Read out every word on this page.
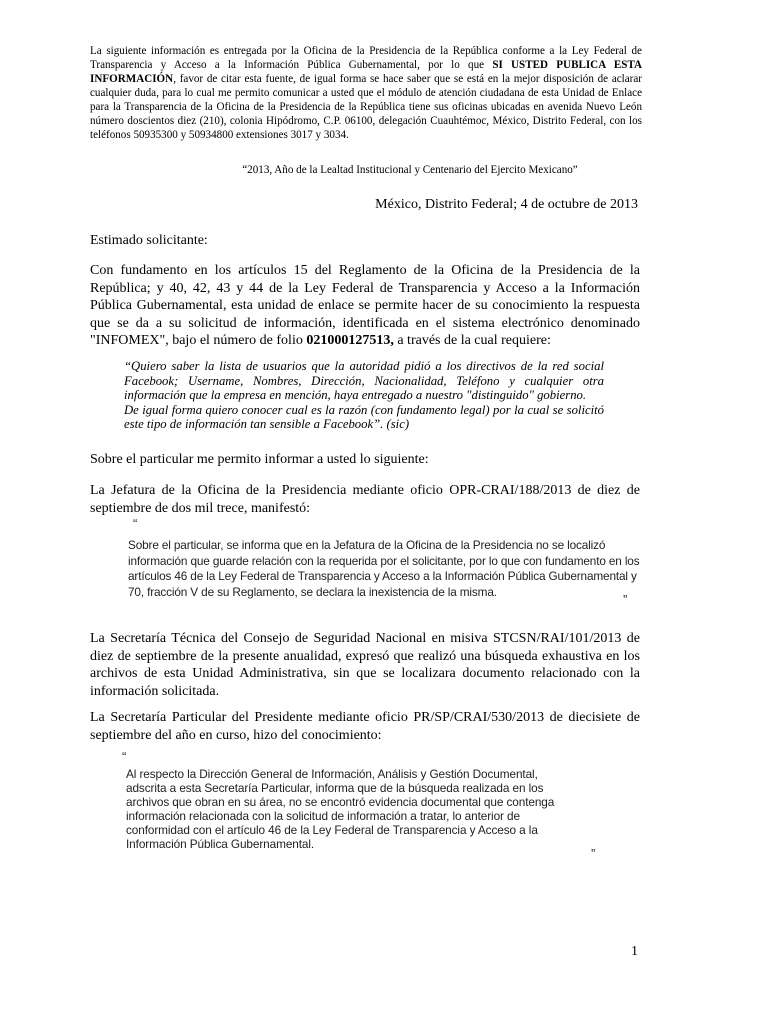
La siguiente información es entregada por la Oficina de la Presidencia de la República conforme a la Ley Federal de Transparencia y Acceso a la Información Pública Gubernamental, por lo que SI USTED PUBLICA ESTA INFORMACIÓN, favor de citar esta fuente, de igual forma se hace saber que se está en la mejor disposición de aclarar cualquier duda, para lo cual me permito comunicar a usted que el módulo de atención ciudadana de esta Unidad de Enlace para la Transparencia de la Oficina de la Presidencia de la República tiene sus oficinas ubicadas en avenida Nuevo León número doscientos diez (210), colonia Hipódromo, C.P. 06100, delegación Cuauhtémoc, México, Distrito Federal, con los teléfonos 50935300 y 50934800 extensiones 3017 y 3034.
“2013, Año de la Lealtad Institucional y Centenario del Ejercito Mexicano”
México, Distrito Federal; 4 de octubre de 2013
Estimado solicitante:
Con fundamento en los artículos 15 del Reglamento de la Oficina de la Presidencia de la República; y 40, 42, 43 y 44 de la Ley Federal de Transparencia y Acceso a la Información Pública Gubernamental, esta unidad de enlace se permite hacer de su conocimiento la respuesta que se da a su solicitud de información, identificada en el sistema electrónico denominado "INFOMEX", bajo el número de folio 021000127513, a través de la cual requiere:
“Quiero saber la lista de usuarios que la autoridad pidió a los directivos de la red social Facebook; Username, Nombres, Dirección, Nacionalidad, Teléfono y cualquier otra información que la empresa en mención, haya entregado a nuestro "distinguido" gobierno.
De igual forma quiero conocer cual es la razón (con fundamento legal) por la cual se solicitó este tipo de información tan sensible a Facebook”. (sic)
Sobre el particular me permito informar a usted lo siguiente:
La Jefatura de la Oficina de la Presidencia mediante oficio OPR-CRAI/188/2013 de diez de septiembre de dos mil trece, manifestó:
“
Sobre el particular, se informa que en la Jefatura de la Oficina de la Presidencia no se localizó
información que guarde relación con la requerida por el solicitante, por lo que con fundamento en los
artículos 46 de la Ley Federal de Transparencia y Acceso a la Información Pública Gubernamental y
70, fracción V de su Reglamento, se declara la inexistencia de la misma.
”
La Secretaría Técnica del Consejo de Seguridad Nacional en misiva STCSN/RAI/101/2013 de diez de septiembre de la presente anualidad, expresó que realizó una búsqueda exhaustiva en los archivos de esta Unidad Administrativa, sin que se localizara documento relacionado con la información solicitada.
La Secretaría Particular del Presidente mediante oficio PR/SP/CRAI/530/2013 de diecisiete de septiembre del año en curso, hizo del conocimiento:
“
Al respecto la Dirección General de Información, Análisis y Gestión Documental,
adscrita a esta Secretaría Particular, informa que de la búsqueda realizada en los
archivos que obran en su área, no se encontró evidencia documental que contenga
información relacionada con la solicitud de información a tratar, lo anterior de
conformidad con el artículo 46 de la Ley Federal de Transparencia y Acceso a la
Información Pública Gubernamental.
”
1
